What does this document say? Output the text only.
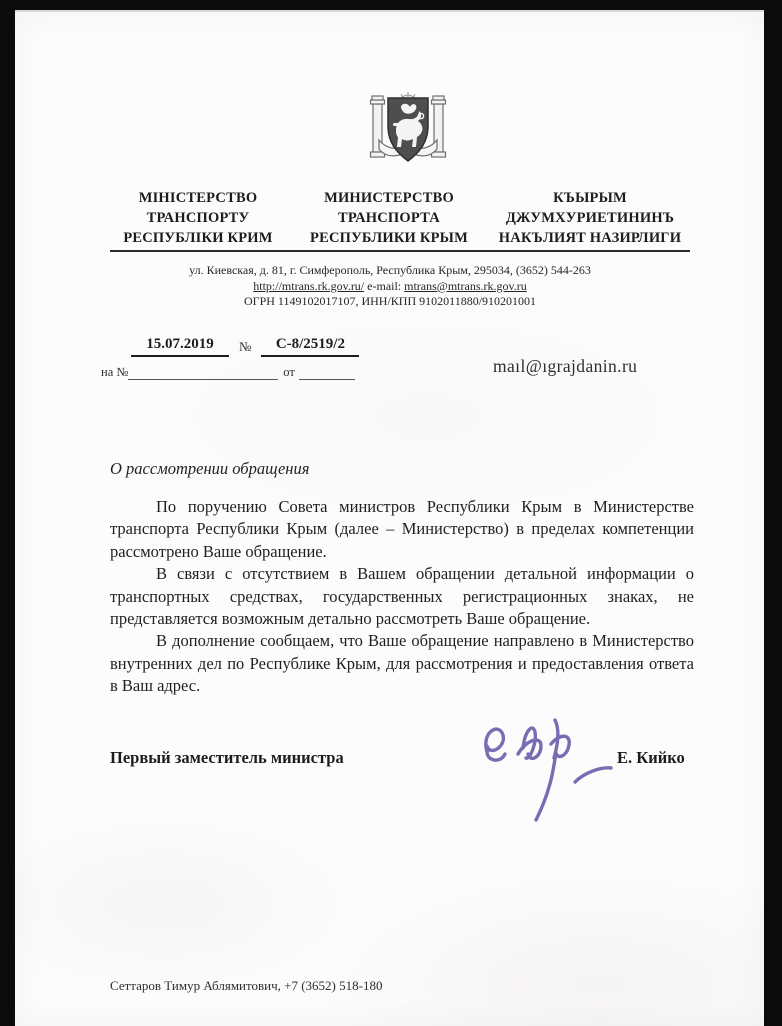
МІНІСТЕРСТВО
ТРАНСПОРТУ
РЕСПУБЛІКИ КРИМ
МИНИСТЕРСТВО
ТРАНСПОРТА
РЕСПУБЛИКИ КРЫМ
КЪЫРЫМ
ДЖУМХУРИЕТИНИНЪ
НАКЪЛИЯТ НАЗИРЛИГИ
ул. Киевская, д. 81, г. Симферополь, Республика Крым, 295034, (3652) 544-263
http://mtrans.rk.gov.ru/ e-mail: mtrans@mtrans.rk.gov.ru
ОГРН 1149102017107, ИНН/КПП 9102011880/910201001
15.07.2019	№	С-8/2519/2
на №	от	maıl@ıgrajdanin.ru
О рассмотрении обращения

По поручению Совета министров Республики Крым в Министерстве транспорта Республики Крым (далее – Министерство) в пределах компетенции рассмотрено Ваше обращение.

В связи с отсутствием в Вашем обращении детальной информации о транспортных средствах, государственных регистрационных знаках, не представляется возможным детально рассмотреть Ваше обращение.

В дополнение сообщаем, что Ваше обращение направлено в Министерство внутренних дел по Республике Крым, для рассмотрения и предоставления ответа в Ваш адрес.

Первый заместитель министра	Е. Кийко
Сеттаров Тимур Аблямитович, +7 (3652) 518-180
